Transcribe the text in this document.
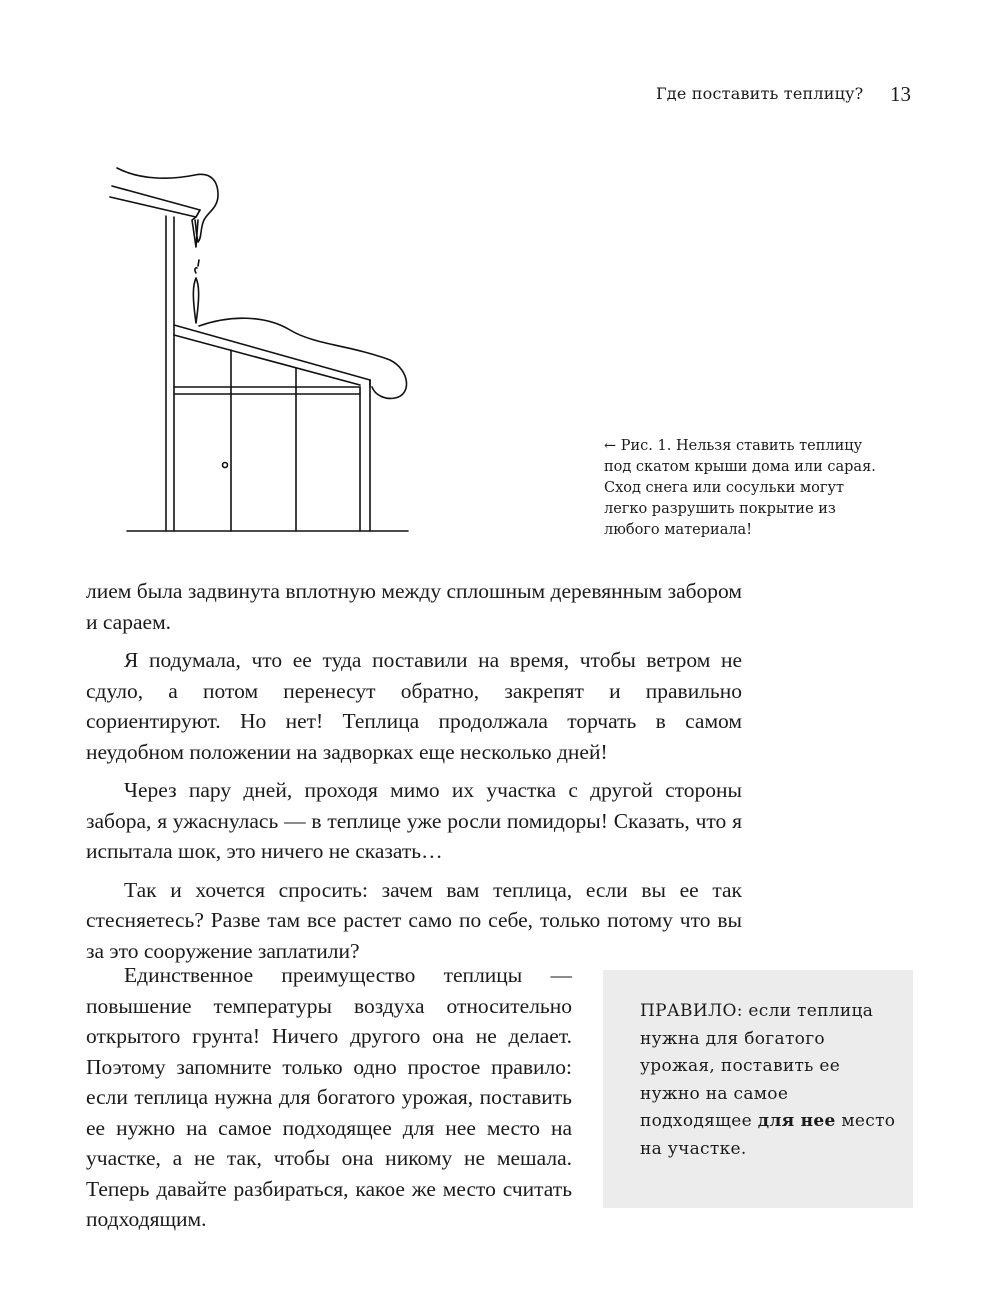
Где поставить теплицу? 13
← Рис. 1. Нельзя ставить теплицу
под скатом крыши дома или сарая.
Сход снега или сосульки могут
легко разрушить покрытие из
любого материала!

лием была задвинута вплотную между сплошным деревянным забором и сараем.

Я подумала, что ее туда поставили на время, чтобы ветром не сдуло, а потом перенесут обратно, закрепят и правильно сориентируют. Но нет! Теплица продолжала торчать в самом неудобном положении на задворках еще несколько дней!

Через пару дней, проходя мимо их участка с другой стороны забора, я ужаснулась — в теплице уже росли помидоры! Сказать, что я испытала шок, это ничего не сказать…

Так и хочется спросить: зачем вам теплица, если вы ее так стесняетесь? Разве там все растет само по себе, только потому что вы за это сооружение заплатили?

Единственное преимущество теплицы — повышение температуры воздуха относительно открытого грунта! Ничего другого она не делает. Поэтому запомните только одно простое правило: если теплица нужна для богатого урожая, поставить ее нужно на самое подходящее для нее место на участке, а не так, чтобы она никому не мешала. Теперь давайте разбираться, какое же место считать подходящим.

ПРАВИЛО: если теплица нужна для богатого урожая, поставить ее нужно на самое подходящее для нее место на участке.
